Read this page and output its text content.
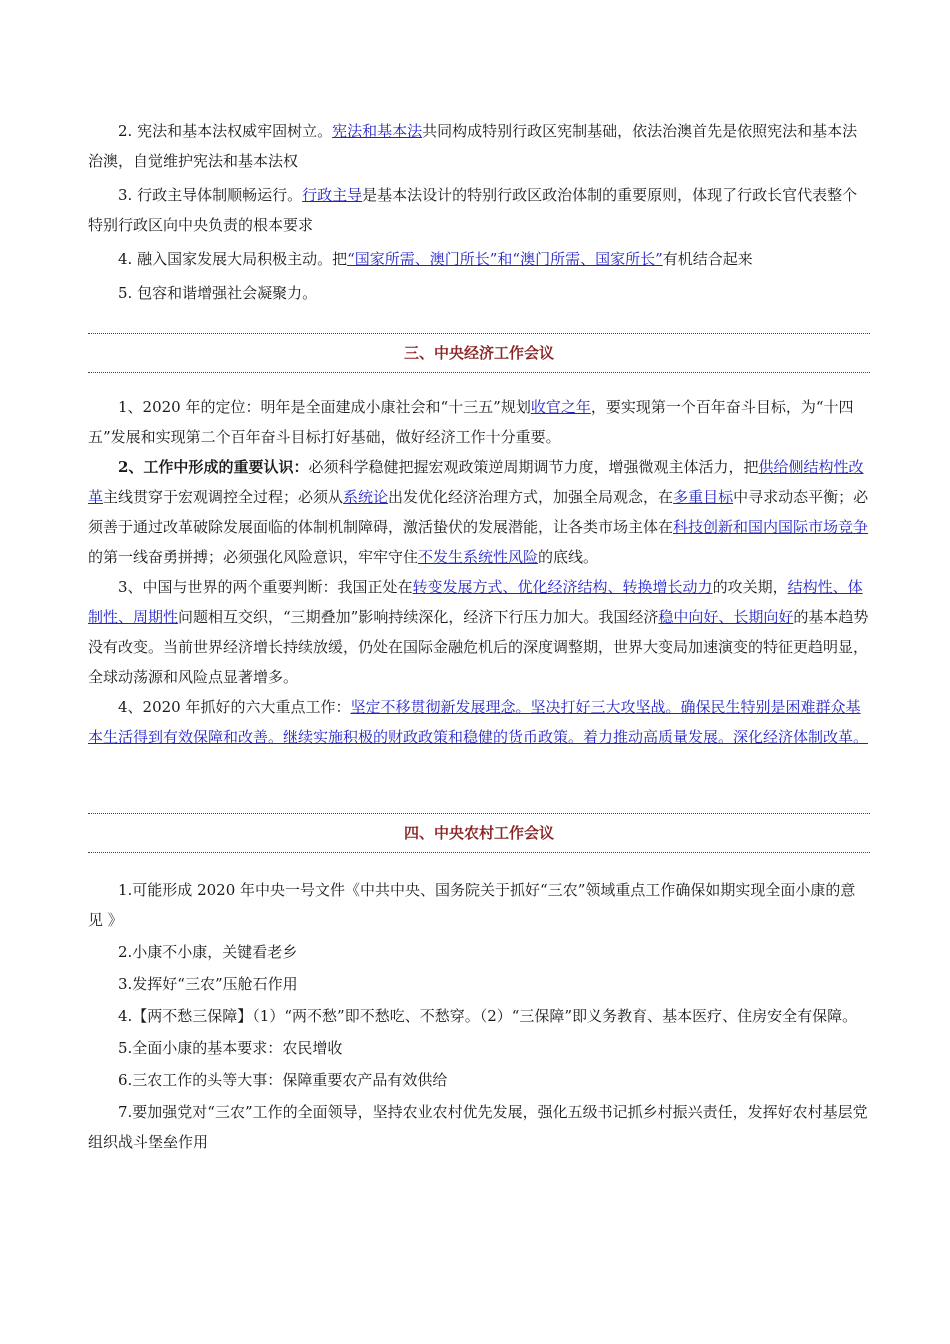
2. 宪法和基本法权威牢固树立。宪法和基本法共同构成特别行政区宪制基础，依法治澳首先是依照宪法和基本法治澳，自觉维护宪法和基本法权

3. 行政主导体制顺畅运行。行政主导是基本法设计的特别行政区政治体制的重要原则，体现了行政长官代表整个特别行政区向中央负责的根本要求

4. 融入国家发展大局积极主动。把“国家所需、澳门所长”和“澳门所需、国家所长”有机结合起来

5. 包容和谐增强社会凝聚力。

三、中央经济工作会议

1、2020 年的定位：明年是全面建成小康社会和“十三五”规划收官之年，要实现第一个百年奋斗目标，为“十四五”发展和实现第二个百年奋斗目标打好基础，做好经济工作十分重要。

2、工作中形成的重要认识：必须科学稳健把握宏观政策逆周期调节力度，增强微观主体活力，把供给侧结构性改革主线贯穿于宏观调控全过程；必须从系统论出发优化经济治理方式，加强全局观念，在多重目标中寻求动态平衡；必须善于通过改革破除发展面临的体制机制障碍，激活蛰伏的发展潜能，让各类市场主体在科技创新和国内国际市场竞争的第一线奋勇拼搏；必须强化风险意识，牢牢守住不发生系统性风险的底线。

3、中国与世界的两个重要判断：我国正处在转变发展方式、优化经济结构、转换增长动力的攻关期，结构性、体制性、周期性问题相互交织，“三期叠加”影响持续深化，经济下行压力加大。我国经济稳中向好、长期向好的基本趋势没有改变。当前世界经济增长持续放缓，仍处在国际金融危机后的深度调整期，世界大变局加速演变的特征更趋明显，全球动荡源和风险点显著增多。

4、2020 年抓好的六大重点工作：坚定不移贯彻新发展理念。坚决打好三大攻坚战。确保民生特别是困难群众基本生活得到有效保障和改善。继续实施积极的财政政策和稳健的货币政策。着力推动高质量发展。深化经济体制改革。

四、中央农村工作会议

1.可能形成 2020 年中央一号文件《中共中央、国务院关于抓好“三农”领域重点工作确保如期实现全面小康的意见 》

2.小康不小康，关键看老乡

3.发挥好“三农”压舱石作用

4.【两不愁三保障】（1）“两不愁”即不愁吃、不愁穿。（2）“三保障”即义务教育、基本医疗、住房安全有保障。

5.全面小康的基本要求：农民增收

6.三农工作的头等大事：保障重要农产品有效供给

7.要加强党对“三农”工作的全面领导，坚持农业农村优先发展，强化五级书记抓乡村振兴责任，发挥好农村基层党组织战斗堡垒作用
